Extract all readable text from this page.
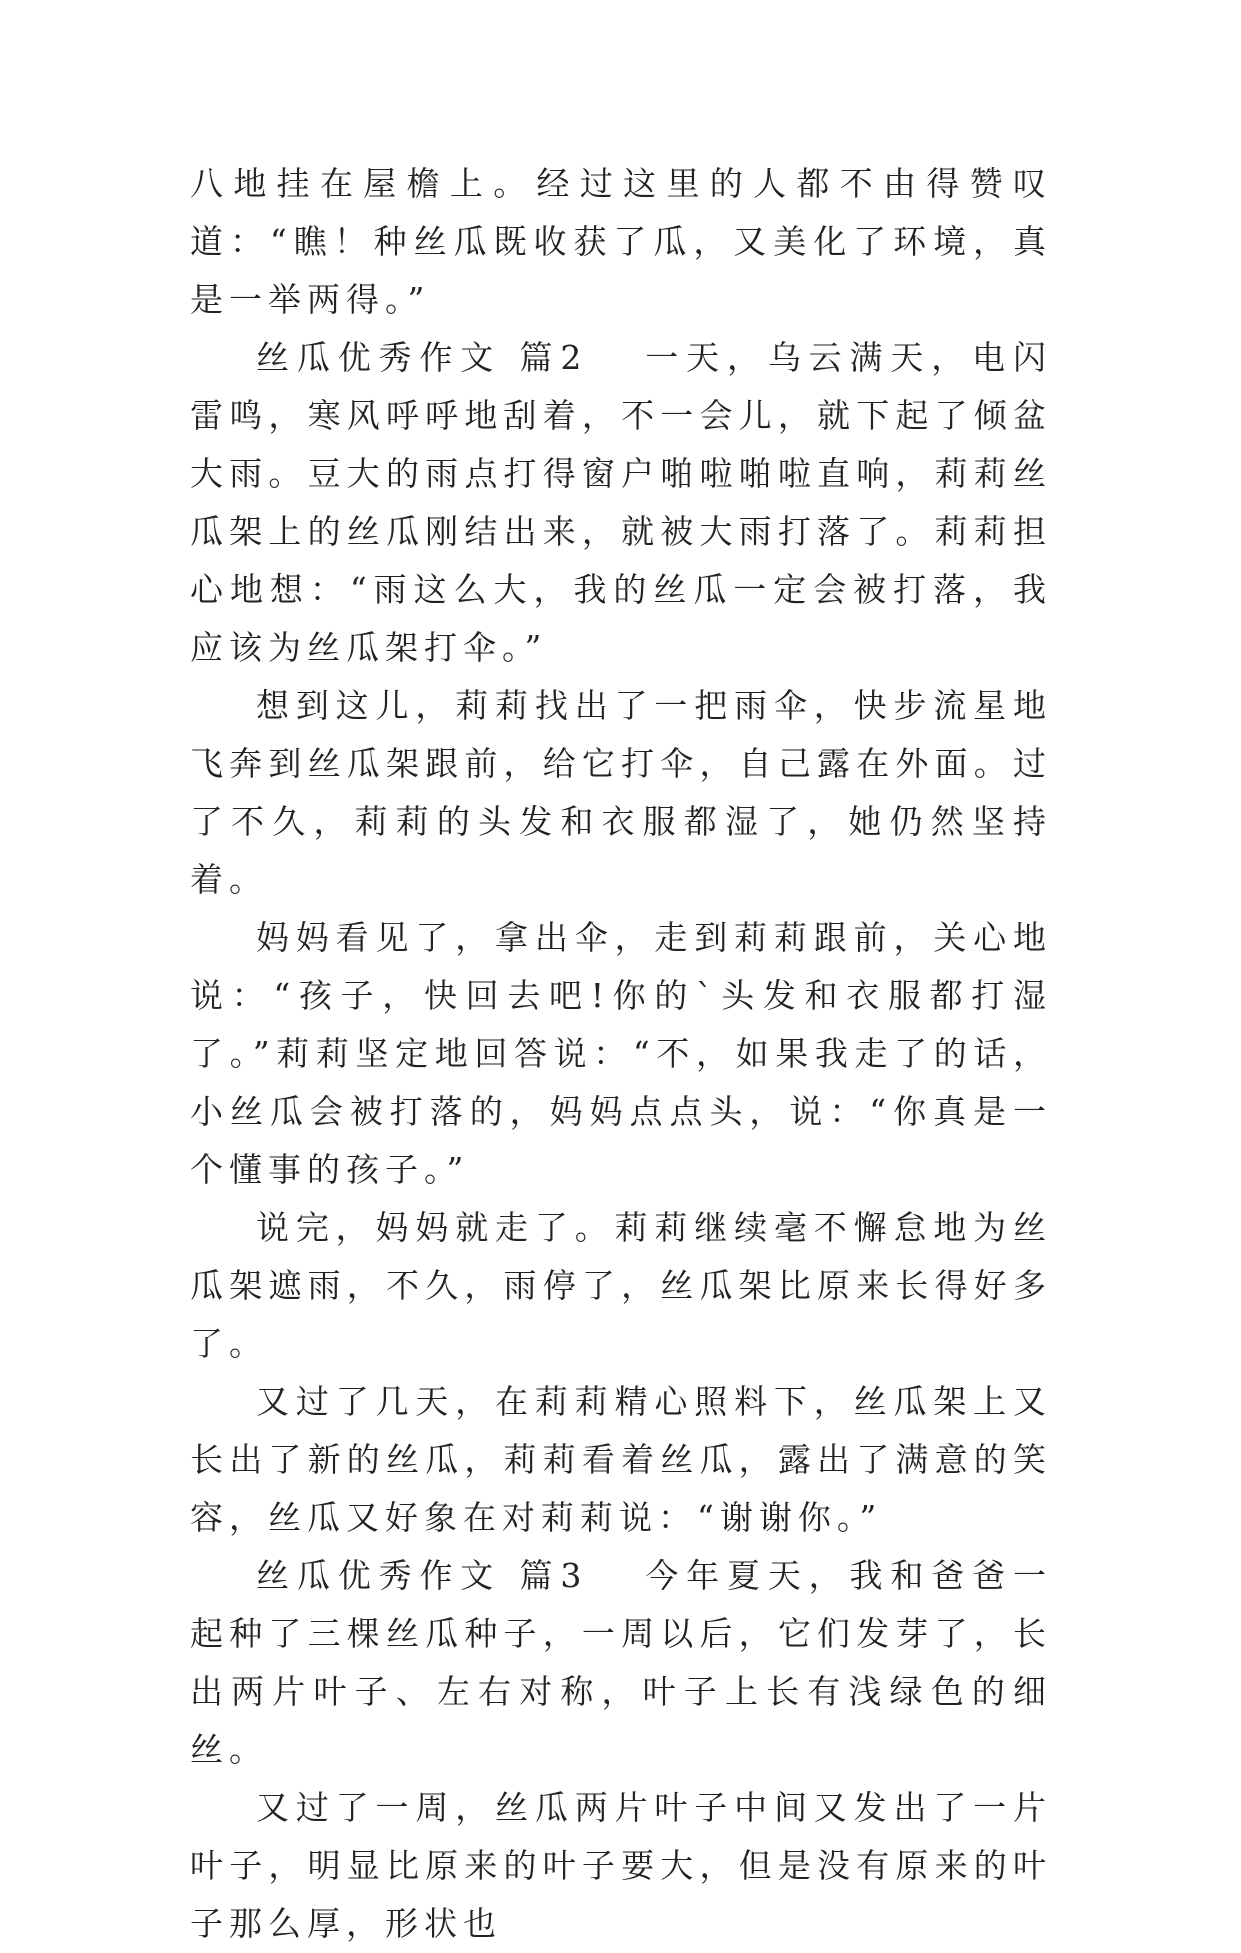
八地挂在屋檐上。经过这里的人都不由得赞叹道：“瞧！种丝瓜既收获了瓜，又美化了环境，真是一举两得。”

丝瓜优秀作文 篇2 一天，乌云满天，电闪雷鸣，寒风呼呼地刮着，不一会儿，就下起了倾盆大雨。豆大的雨点打得窗户啪啦啪啦直响，莉莉丝瓜架上的丝瓜刚结出来，就被大雨打落了。莉莉担心地想：“雨这么大，我的丝瓜一定会被打落，我应该为丝瓜架打伞。”

想到这儿，莉莉找出了一把雨伞，快步流星地飞奔到丝瓜架跟前，给它打伞，自己露在外面。过了不久，莉莉的头发和衣服都湿了，她仍然坚持着。

妈妈看见了，拿出伞，走到莉莉跟前，关心地说：“孩子，快回去吧!你的`头发和衣服都打湿了。”莉莉坚定地回答说：“不，如果我走了的话，小丝瓜会被打落的，妈妈点点头，说：“你真是一个懂事的孩子。”

说完，妈妈就走了。莉莉继续毫不懈怠地为丝瓜架遮雨，不久，雨停了，丝瓜架比原来长得好多了。

又过了几天，在莉莉精心照料下，丝瓜架上又长出了新的丝瓜，莉莉看着丝瓜，露出了满意的笑容，丝瓜又好象在对莉莉说：“谢谢你。”

丝瓜优秀作文 篇3 今年夏天，我和爸爸一起种了三棵丝瓜种子，一周以后，它们发芽了，长出两片叶子、左右对称，叶子上长有浅绿色的细丝。

又过了一周，丝瓜两片叶子中间又发出了一片叶子，明显比原来的叶子要大，但是没有原来的叶子那么厚，形状也
